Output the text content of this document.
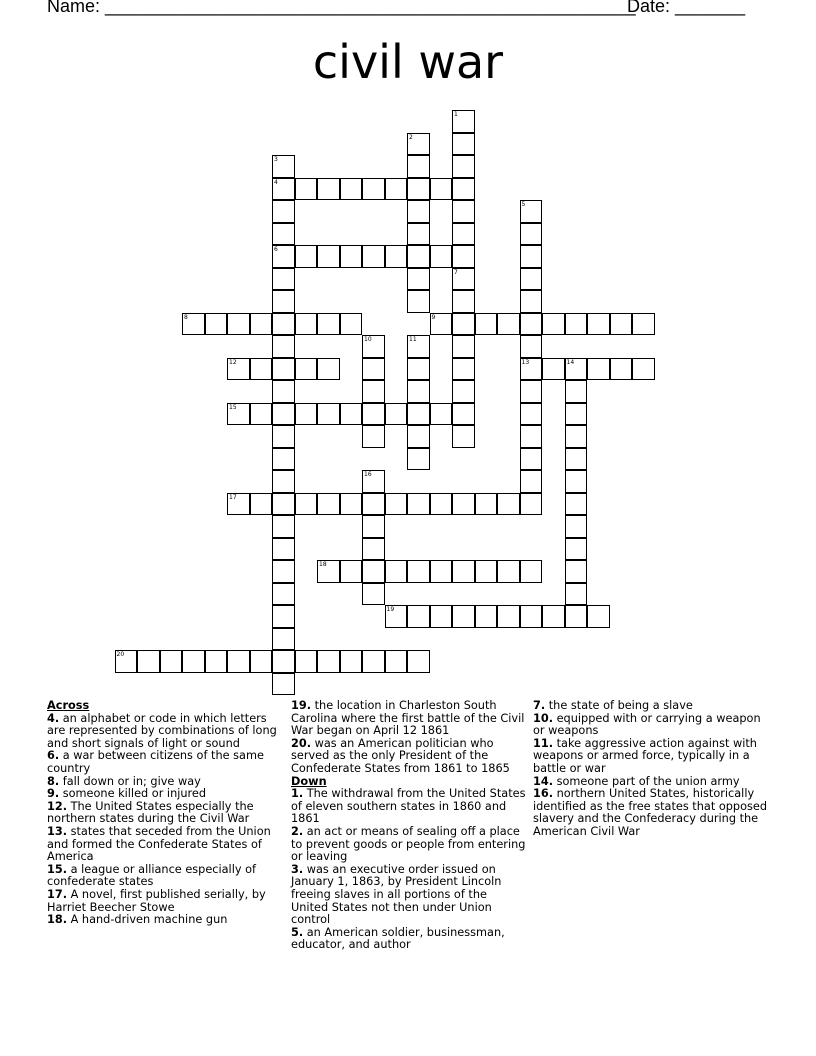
Name: _____________________________________________________
Date: _______
civil war
1
7
2
3
4
6
5
13
8	9
10	11
12	14
15
16
17
18
19
20
Across
4. an alphabet or code in which letters are represented by combinations of long and short signals of light or sound
6. a war between citizens of the same country
8. fall down or in; give way
9. someone killed or injured
12. The United States especially the northern states during the Civil War
13. states that seceded from the Union and formed the Confederate States of America
15. a league or alliance especially of confederate states
17. A novel, first published serially, by Harriet Beecher Stowe
18. A hand-driven machine gun
19. the location in Charleston South Carolina where the first battle of the Civil War began on April 12 1861
20. was an American politician who served as the only President of the Confederate States from 1861 to 1865
Down
1. The withdrawal from the United States of eleven southern states in 1860 and 1861
2. an act or means of sealing off a place to prevent goods or people from entering or leaving
3. was an executive order issued on January 1, 1863, by President Lincoln freeing slaves in all portions of the United States not then under Union control
5. an American soldier, businessman, educator, and author
7. the state of being a slave
10. equipped with or carrying a weapon or weapons
11. take aggressive action against with weapons or armed force, typically in a battle or war
14. someone part of the union army
16. northern United States, historically identified as the free states that opposed slavery and the Confederacy during the American Civil War
